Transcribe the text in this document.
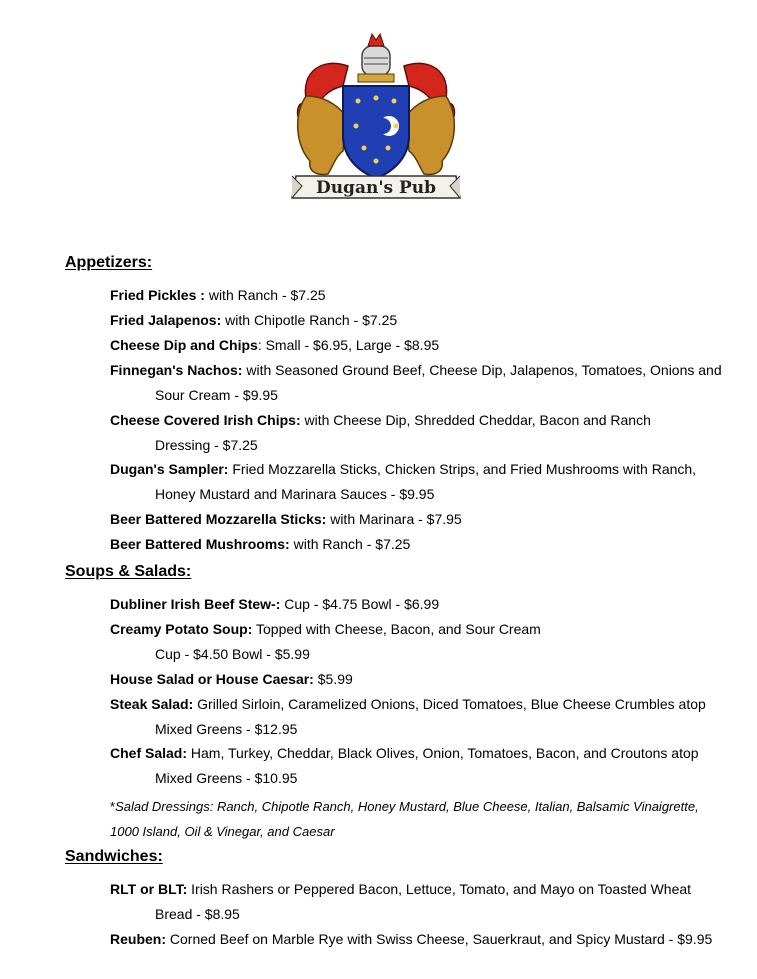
Dugan's Pub
Appetizers:
Fried Pickles : with Ranch - $7.25
Fried Jalapenos: with Chipotle Ranch - $7.25
Cheese Dip and Chips: Small - $6.95, Large - $8.95
Finnegan's Nachos: with Seasoned Ground Beef, Cheese Dip, Jalapenos, Tomatoes, Onions and
Sour Cream - $9.95
Cheese Covered Irish Chips: with Cheese Dip, Shredded Cheddar, Bacon and Ranch
Dressing - $7.25
Dugan's Sampler: Fried Mozzarella Sticks, Chicken Strips, and Fried Mushrooms with Ranch,
Honey Mustard and Marinara Sauces - $9.95
Beer Battered Mozzarella Sticks: with Marinara - $7.95
Beer Battered Mushrooms: with Ranch - $7.25
Soups & Salads:
Dubliner Irish Beef Stew-: Cup - $4.75 Bowl - $6.99
Creamy Potato Soup: Topped with Cheese, Bacon, and Sour Cream
Cup - $4.50 Bowl - $5.99
House Salad or House Caesar: $5.99
Steak Salad: Grilled Sirloin, Caramelized Onions, Diced Tomatoes, Blue Cheese Crumbles atop
Mixed Greens - $12.95
Chef Salad: Ham, Turkey, Cheddar, Black Olives, Onion, Tomatoes, Bacon, and Croutons atop
Mixed Greens - $10.95
*Salad Dressings: Ranch, Chipotle Ranch, Honey Mustard, Blue Cheese, Italian, Balsamic Vinaigrette,
1000 Island, Oil & Vinegar, and Caesar
Sandwiches:
RLT or BLT: Irish Rashers or Peppered Bacon, Lettuce, Tomato, and Mayo on Toasted Wheat
Bread - $8.95
Reuben: Corned Beef on Marble Rye with Swiss Cheese, Sauerkraut, and Spicy Mustard - $9.95
